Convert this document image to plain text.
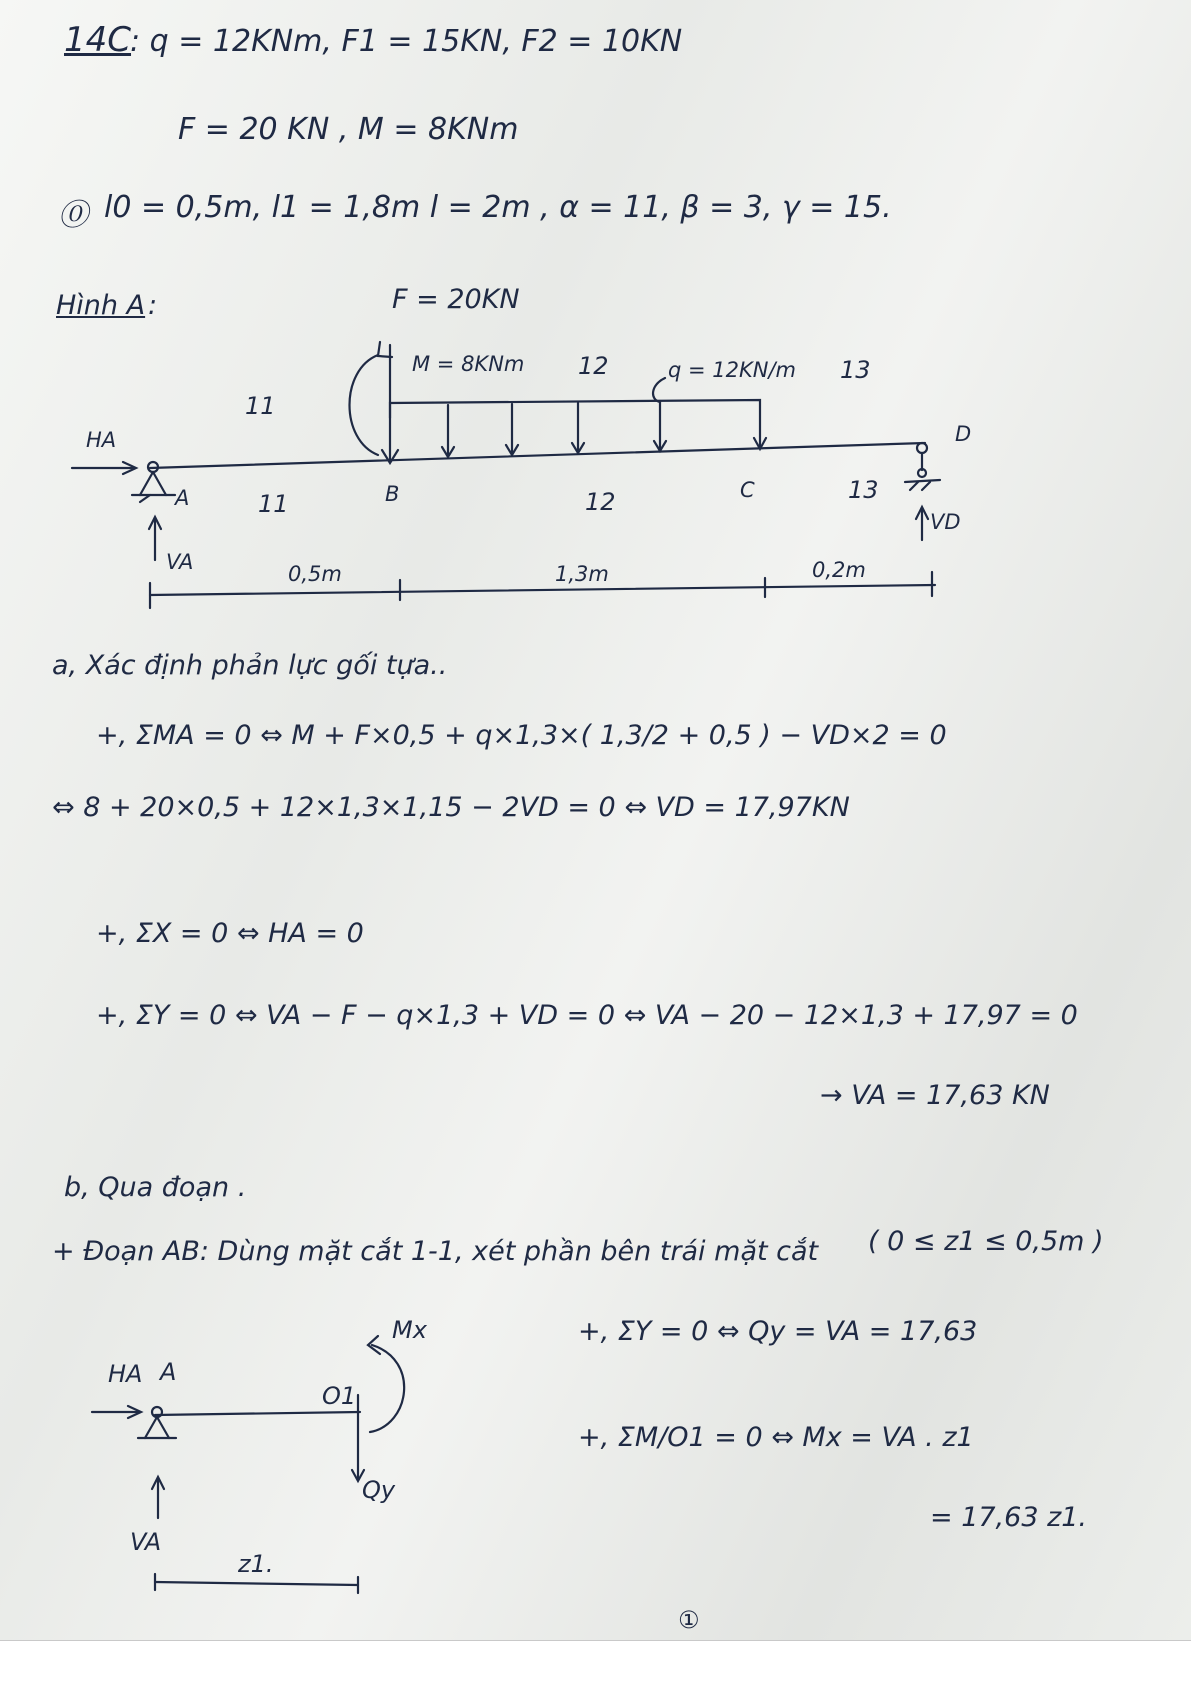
14C
: q = 12KNm, F1 = 15KN, F2 = 10KN
F = 20 KN , M = 8KNm
⓪ l0 = 0,5m, l1 = 1,8m l = 2m , α = 11, β = 3, γ = 15.
Hình A :	F = 20KN
M = 8KNm	q = 12KN/m
11
12	13
11	12	13
A	B	C
D
HA
VA
VD
0,5m	1,3m	0,2m
a, Xác định phản lực gối tựa..
+, ΣMA = 0 ⇔ M + F×0,5 + q×1,3×( 1,3/2 + 0,5 ) − VD×2 = 0
⇔ 8 + 20×0,5 + 12×1,3×1,15 − 2VD = 0 ⇔ VD = 17,97KN
+, ΣX = 0 ⇔ HA = 0
+, ΣY = 0 ⇔ VA − F − q×1,3 + VD = 0 ⇔ VA − 20 − 12×1,3 + 17,97 = 0
→ VA = 17,63 KN
b, Qua đoạn .
+ Đoạn AB: Dùng mặt cắt 1-1, xét phần bên trái mặt cắt ( 0 ≤ z1 ≤ 0,5m )
+, ΣY = 0 ⇔ Qy = VA = 17,63
+, ΣM/O1 = 0 ⇔ Mx = VA . z1
= 17,63 z1.
HA A
O1
Mx
Qy
VA
z1.
①
